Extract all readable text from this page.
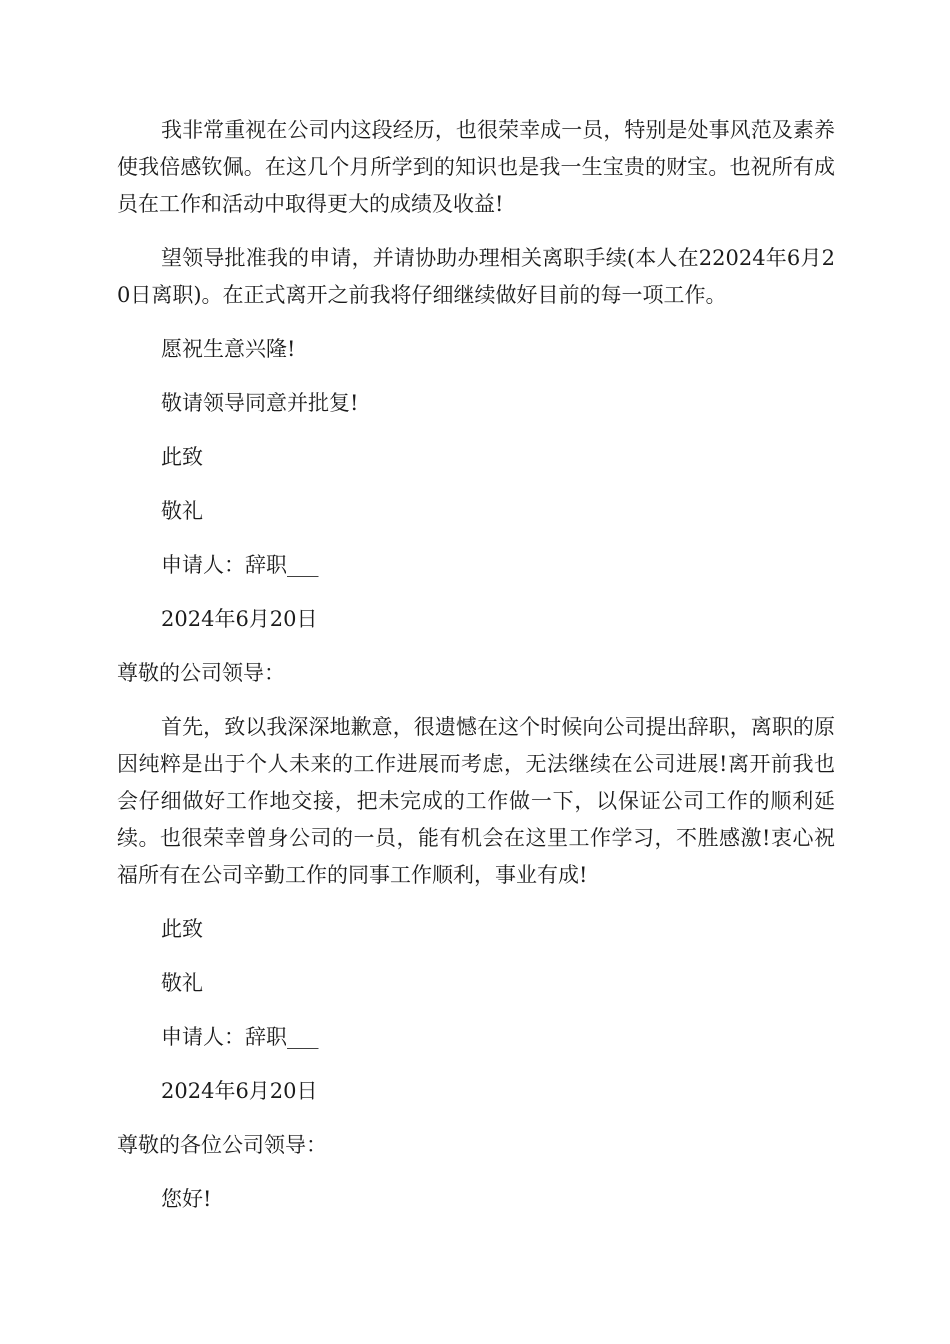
我非常重视在公司内这段经历，也很荣幸成一员，特别是处事风范及素养使我倍感钦佩。在这几个月所学到的知识也是我一生宝贵的财宝。也祝所有成员在工作和活动中取得更大的成绩及收益!

望领导批准我的申请，并请协助办理相关离职手续(本人在22024年6月20日离职)。在正式离开之前我将仔细继续做好目前的每一项工作。

愿祝生意兴隆!

敬请领导同意并批复!

此致

敬礼

申请人：辞职___

2024年6月20日

尊敬的公司领导：

首先，致以我深深地歉意，很遗憾在这个时候向公司提出辞职，离职的原因纯粹是出于个人未来的工作进展而考虑，无法继续在公司进展!离开前我也会仔细做好工作地交接，把未完成的工作做一下，以保证公司工作的顺利延续。也很荣幸曾身公司的一员，能有机会在这里工作学习，不胜感激!衷心祝福所有在公司辛勤工作的同事工作顺利，事业有成!

此致

敬礼

申请人：辞职___

2024年6月20日

尊敬的各位公司领导：

您好!
